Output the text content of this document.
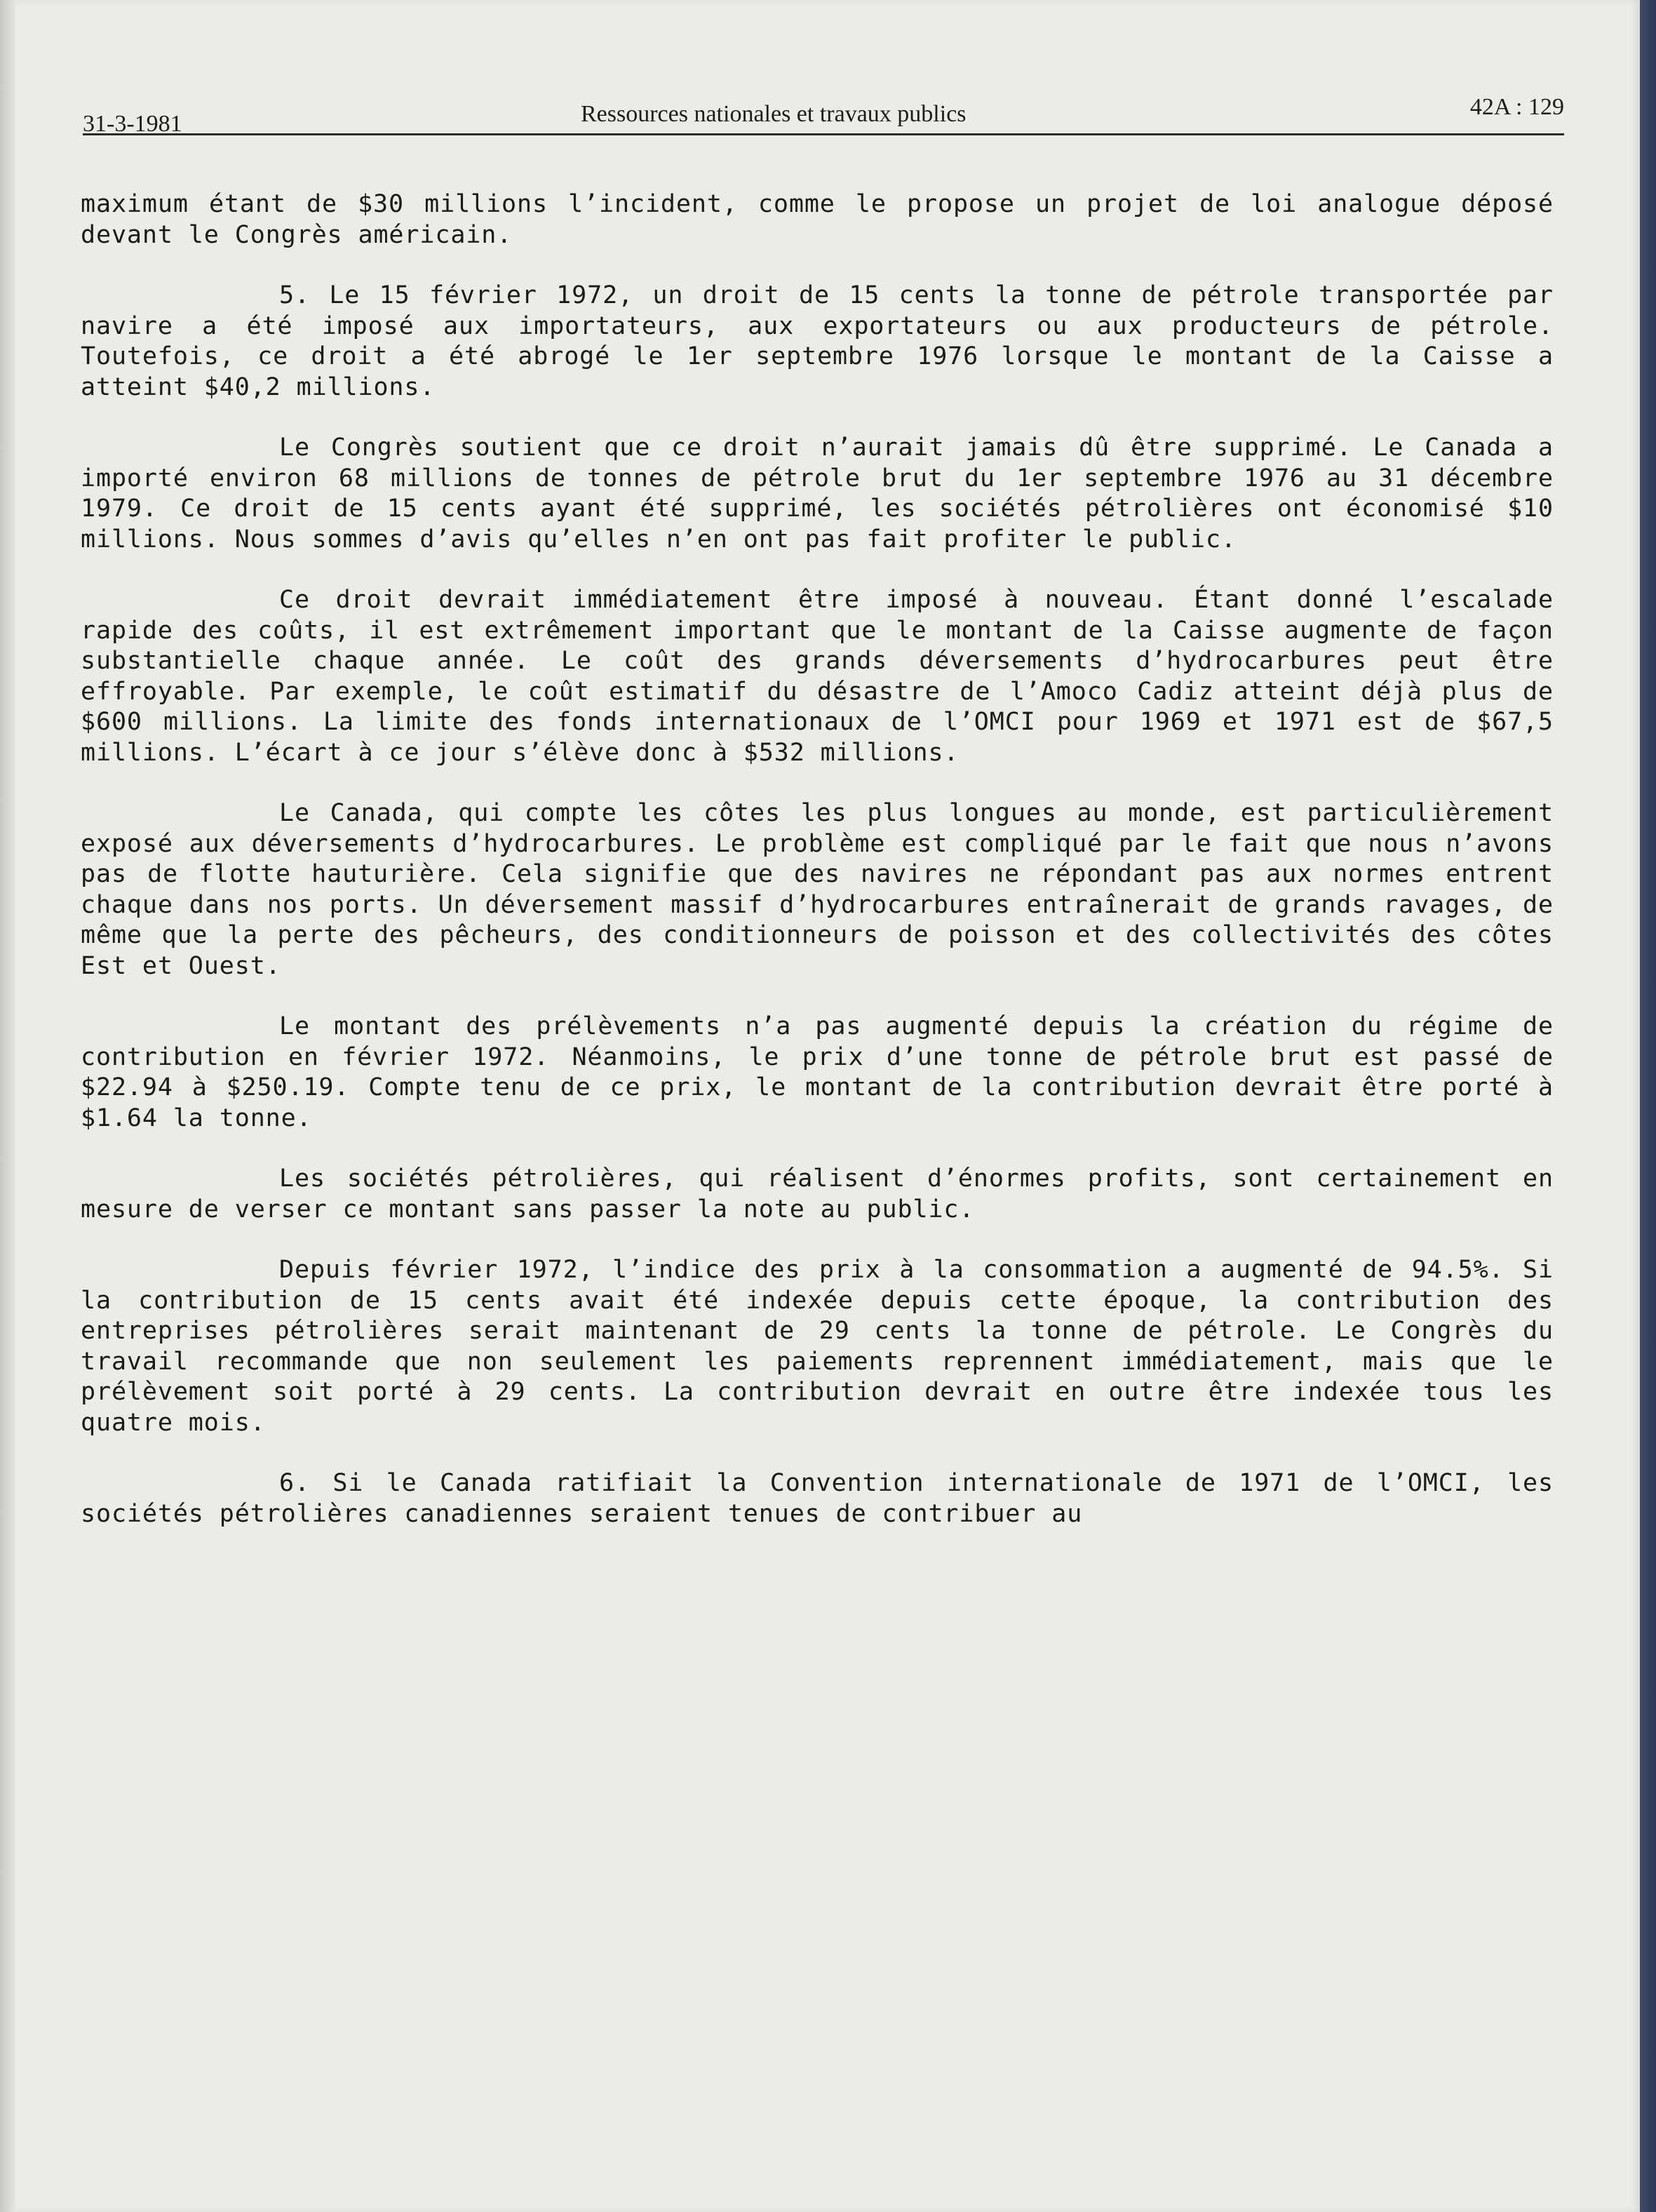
31-3-1981	Ressources nationales et travaux publics	42A : 129

maximum étant de $30 millions l’incident, comme le propose un projet de loi analogue déposé devant le Congrès américain.

5. Le 15 février 1972, un droit de 15 cents la tonne de pétrole transportée par navire a été imposé aux importateurs, aux exportateurs ou aux producteurs de pétrole. Toutefois, ce droit a été abrogé le 1er septembre 1976 lorsque le montant de la Caisse a atteint $40,2 millions.

Le Congrès soutient que ce droit n’aurait jamais dû être supprimé. Le Canada a importé environ 68 millions de tonnes de pétrole brut du 1er septembre 1976 au 31 décembre 1979. Ce droit de 15 cents ayant été supprimé, les sociétés pétrolières ont économisé $10 millions. Nous sommes d’avis qu’elles n’en ont pas fait profiter le public.

Ce droit devrait immédiatement être imposé à nouveau. Étant donné l’escalade rapide des coûts, il est extrêmement important que le montant de la Caisse augmente de façon substantielle chaque année. Le coût des grands déversements d’hydrocarbures peut être effroyable. Par exemple, le coût estimatif du désastre de l’Amoco Cadiz atteint déjà plus de $600 millions. La limite des fonds internationaux de l’OMCI pour 1969 et 1971 est de $67,5 millions. L’écart à ce jour s’élève donc à $532 millions.

Le Canada, qui compte les côtes les plus longues au monde, est particulièrement exposé aux déversements d’hydrocarbures. Le problème est compliqué par le fait que nous n’avons pas de flotte hauturière. Cela signifie que des navires ne répondant pas aux normes entrent chaque dans nos ports. Un déversement massif d’hydrocarbures entraînerait de grands ravages, de même que la perte des pêcheurs, des conditionneurs de poisson et des collectivités des côtes Est et Ouest.

Le montant des prélèvements n’a pas augmenté depuis la création du régime de contribution en février 1972. Néanmoins, le prix d’une tonne de pétrole brut est passé de $22.94 à $250.19. Compte tenu de ce prix, le montant de la contribution devrait être porté à $1.64 la tonne.

Les sociétés pétrolières, qui réalisent d’énormes profits, sont certainement en mesure de verser ce montant sans passer la note au public.

Depuis février 1972, l’indice des prix à la consommation a augmenté de 94.5%. Si la contribution de 15 cents avait été indexée depuis cette époque, la contribution des entreprises pétrolières serait maintenant de 29 cents la tonne de pétrole. Le Congrès du travail recommande que non seulement les paiements reprennent immédiatement, mais que le prélèvement soit porté à 29 cents. La contribution devrait en outre être indexée tous les quatre mois.

6. Si le Canada ratifiait la Convention internationale de 1971 de l’OMCI, les sociétés pétrolières canadiennes seraient tenues de contribuer au
